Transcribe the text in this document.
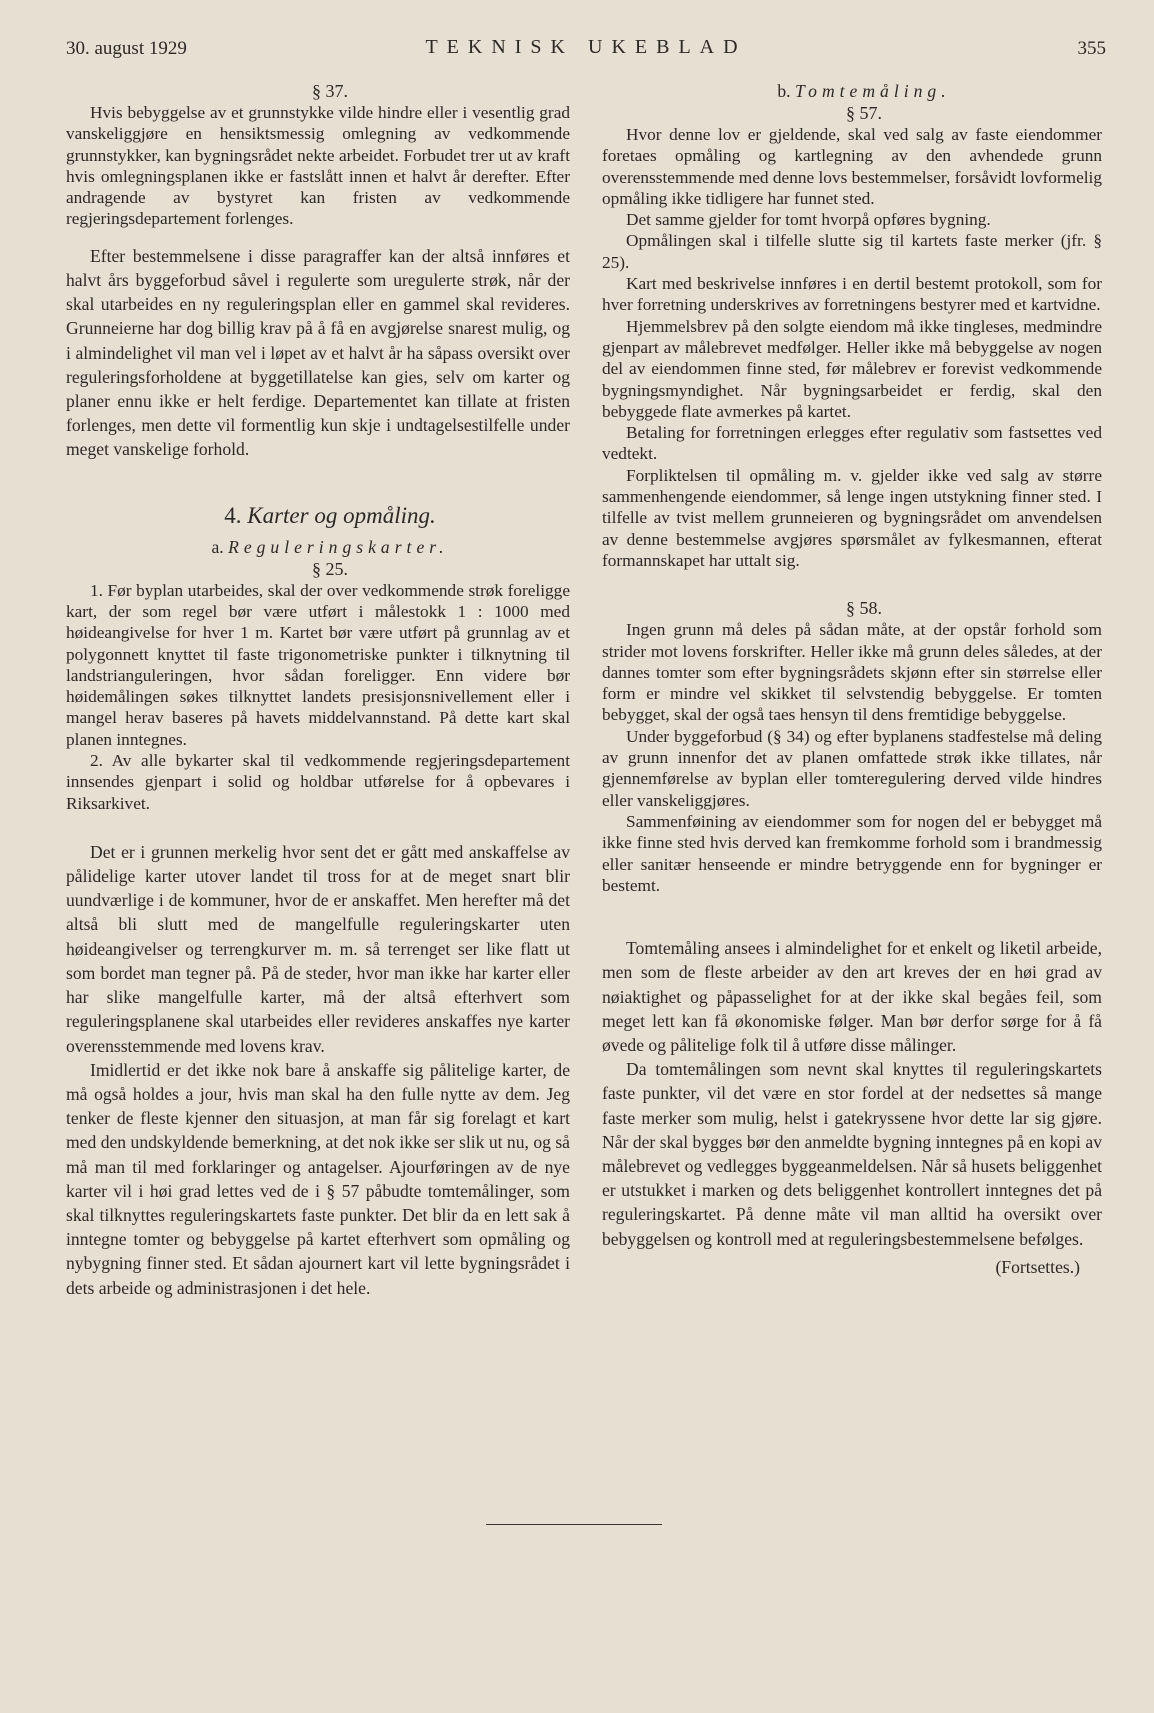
30. august 1929	TEKNISK UKEBLAD	355

§ 37.

Hvis bebyggelse av et grunnstykke vilde hindre eller i vesentlig grad vanskeliggjøre en hensiktsmessig omlegning av vedkommende grunnstykker, kan bygningsrådet nekte arbeidet. Forbudet trer ut av kraft hvis omlegningsplanen ikke er fastslått innen et halvt år derefter. Efter andragende av bystyret kan fristen av vedkommende regjeringsdepartement forlenges.

Efter bestemmelsene i disse paragraffer kan der altså innføres et halvt års byggeforbud såvel i regulerte som uregulerte strøk, når der skal utarbeides en ny reguleringsplan eller en gammel skal revideres. Grunneierne har dog billig krav på å få en avgjørelse snarest mulig, og i almindelighet vil man vel i løpet av et halvt år ha såpass oversikt over reguleringsforholdene at byggetillatelse kan gies, selv om karter og planer ennu ikke er helt ferdige. Departementet kan tillate at fristen forlenges, men dette vil formentlig kun skje i undtagelsestilfelle under meget vanskelige forhold.

4. Karter og opmåling.

a. Reguleringskarter.

§ 25.

1. Før byplan utarbeides, skal der over vedkommende strøk foreligge kart, der som regel bør være utført i målestokk 1 : 1000 med høideangivelse for hver 1 m. Kartet bør være utført på grunnlag av et polygonnett knyttet til faste trigonometriske punkter i tilknytning til landstrianguleringen, hvor sådan foreligger. Enn videre bør høidemålingen søkes tilknyttet landets presisjonsnivellement eller i mangel herav baseres på havets middelvannstand. På dette kart skal planen inntegnes.

2. Av alle bykarter skal til vedkommende regjeringsdepartement innsendes gjenpart i solid og holdbar utførelse for å opbevares i Riksarkivet.

Det er i grunnen merkelig hvor sent det er gått med anskaffelse av pålidelige karter utover landet til tross for at de meget snart blir uundværlige i de kommuner, hvor de er anskaffet. Men herefter må det altså bli slutt med de mangelfulle reguleringskarter uten høideangivelser og terrengkurver m. m. så terrenget ser like flatt ut som bordet man tegner på. På de steder, hvor man ikke har karter eller har slike mangelfulle karter, må der altså efterhvert som reguleringsplanene skal utarbeides eller revideres anskaffes nye karter overensstemmende med lovens krav.

Imidlertid er det ikke nok bare å anskaffe sig pålitelige karter, de må også holdes a jour, hvis man skal ha den fulle nytte av dem. Jeg tenker de fleste kjenner den situasjon, at man får sig forelagt et kart med den undskyldende bemerkning, at det nok ikke ser slik ut nu, og så må man til med forklaringer og antagelser. Ajourføringen av de nye karter vil i høi grad lettes ved de i § 57 påbudte tomtemålinger, som skal tilknyttes reguleringskartets faste punkter. Det blir da en lett sak å inntegne tomter og bebyggelse på kartet efterhvert som opmåling og nybygning finner sted. Et sådan ajournert kart vil lette bygningsrådet i dets arbeide og administrasjonen i det hele.

b. Tomtemåling.

§ 57.

Hvor denne lov er gjeldende, skal ved salg av faste eiendommer foretaes opmåling og kartlegning av den avhendede grunn overensstemmende med denne lovs bestemmelser, forsåvidt lovformelig opmåling ikke tidligere har funnet sted.

Det samme gjelder for tomt hvorpå opføres bygning.

Opmålingen skal i tilfelle slutte sig til kartets faste merker (jfr. § 25).

Kart med beskrivelse innføres i en dertil bestemt protokoll, som for hver forretning underskrives av forretningens bestyrer med et kartvidne.

Hjemmelsbrev på den solgte eiendom må ikke tingleses, medmindre gjenpart av målebrevet medfølger. Heller ikke må bebyggelse av nogen del av eiendommen finne sted, før målebrev er forevist vedkommende bygningsmyndighet. Når bygningsarbeidet er ferdig, skal den bebyggede flate avmerkes på kartet.

Betaling for forretningen erlegges efter regulativ som fastsettes ved vedtekt.

Forpliktelsen til opmåling m. v. gjelder ikke ved salg av større sammenhengende eiendommer, så lenge ingen utstykning finner sted. I tilfelle av tvist mellem grunneieren og bygningsrådet om anvendelsen av denne bestemmelse avgjøres spørsmålet av fylkesmannen, efterat formannskapet har uttalt sig.

§ 58.

Ingen grunn må deles på sådan måte, at der opstår forhold som strider mot lovens forskrifter. Heller ikke må grunn deles således, at der dannes tomter som efter bygningsrådets skjønn efter sin størrelse eller form er mindre vel skikket til selvstendig bebyggelse. Er tomten bebygget, skal der også taes hensyn til dens fremtidige bebyggelse.

Under byggeforbud (§ 34) og efter byplanens stadfestelse må deling av grunn innenfor det av planen omfattede strøk ikke tillates, når gjennemførelse av byplan eller tomteregulering derved vilde hindres eller vanskeliggjøres.

Sammenføining av eiendommer som for nogen del er bebygget må ikke finne sted hvis derved kan fremkomme forhold som i brandmessig eller sanitær henseende er mindre betryggende enn for bygninger er bestemt.

Tomtemåling ansees i almindelighet for et enkelt og liketil arbeide, men som de fleste arbeider av den art kreves der en høi grad av nøiaktighet og påpasselighet for at der ikke skal begåes feil, som meget lett kan få økonomiske følger. Man bør derfor sørge for å få øvede og pålitelige folk til å utføre disse målinger.

Da tomtemålingen som nevnt skal knyttes til reguleringskartets faste punkter, vil det være en stor fordel at der nedsettes så mange faste merker som mulig, helst i gatekryssene hvor dette lar sig gjøre. Når der skal bygges bør den anmeldte bygning inntegnes på en kopi av målebrevet og vedlegges byggeanmeldelsen. Når så husets beliggenhet er utstukket i marken og dets beliggenhet kontrollert inntegnes det på reguleringskartet. På denne måte vil man alltid ha oversikt over bebyggelsen og kontroll med at reguleringsbestemmelsene befølges.

(Fortsettes.)
